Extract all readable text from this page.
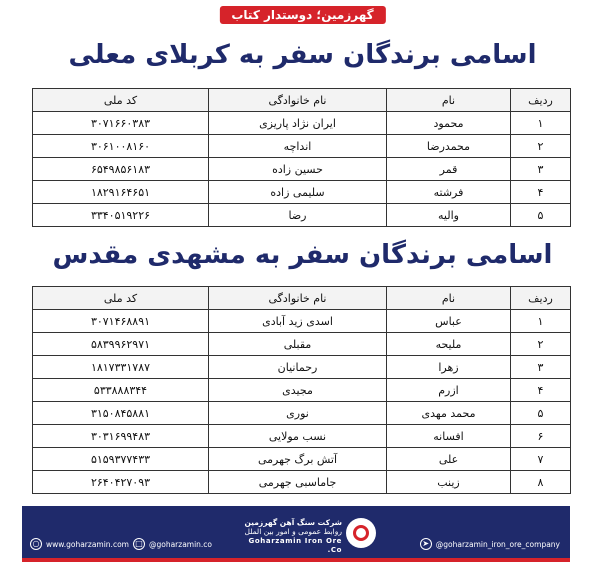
گهرزمین؛ دوستدار کتاب
اسامی برندگان سفر به کربلای معلی
ردیف	نام	نام خانوادگی	کد ملی
۱	محمود	ایران نژاد پاریزی	۳۰۷۱۶۶۰۳۸۳
۲	محمدرضا	انداچه	۳۰۶۱۰۰۸۱۶۰
۳	قمر	حسین زاده	۶۵۴۹۸۵۶۱۸۳
۴	فرشته	سلیمی زاده	۱۸۲۹۱۶۴۶۵۱
۵	والیه	رضا	۳۳۴۰۵۱۹۲۲۶
اسامی برندگان سفر به مشهدی مقدس
ردیف	نام	نام خانوادگی	کد ملی
۱	عباس	اسدی زید آبادی	۳۰۷۱۴۶۸۸۹۱
۲	ملیحه	مقبلی	۵۸۳۹۹۶۲۹۷۱
۳	زهرا	رحمانیان	۱۸۱۷۳۳۱۷۸۷
۴	ازرم	مجیدی	۵۳۳۸۸۸۳۴۴
۵	محمد مهدی	نوری	۳۱۵۰۸۴۵۸۸۱
۶	افسانه	نسب مولایی	۳۰۳۱۶۹۹۴۸۳
۷	علی	آتش برگ جهرمی	۵۱۵۹۳۷۷۴۳۳
۸	زینب	جاماسبی جهرمی	۲۶۴۰۴۲۷۰۹۳
○ www.goharzamin.com □ @goharzamin.co
شرکت سنگ آهن گهرزمین
روابط عمومی و امور بین الملل
Goharzamin Iron Ore .Co
➤ @goharzamin_iron_ore_company
